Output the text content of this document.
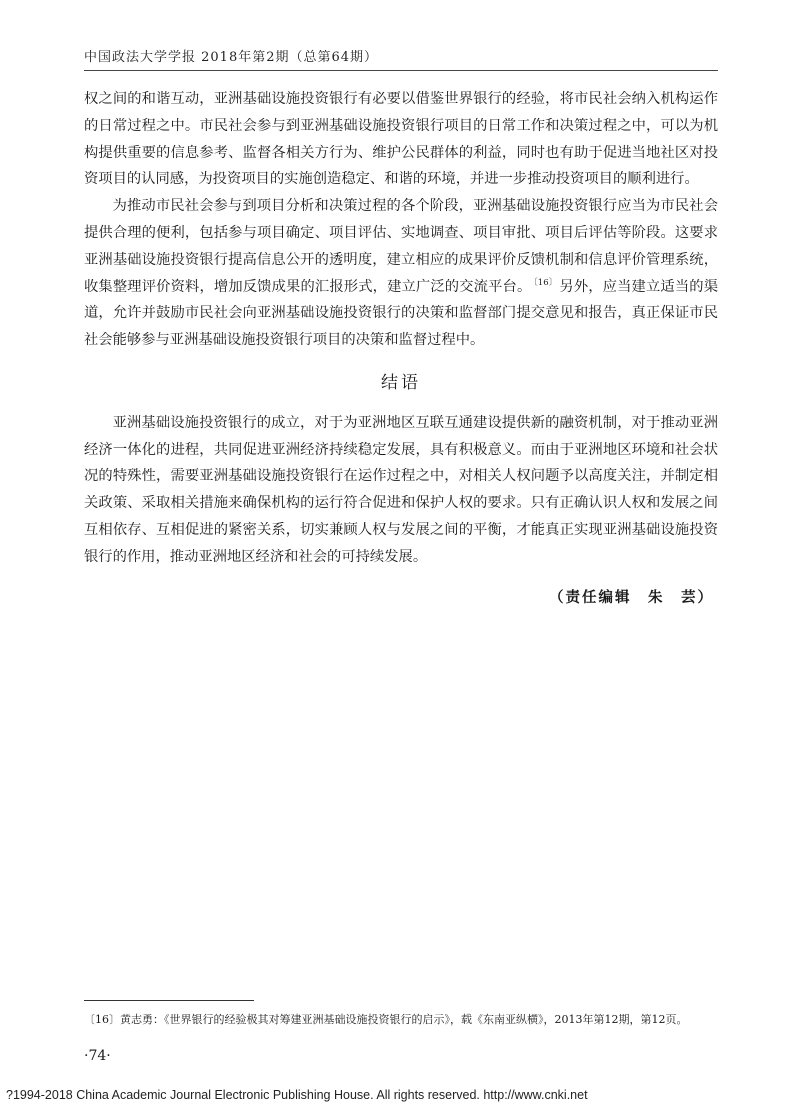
中国政法大学学报 2018年第2期（总第64期）

权之间的和谐互动，亚洲基础设施投资银行有必要以借鉴世界银行的经验，将市民社会纳入机构运作的日常过程之中。市民社会参与到亚洲基础设施投资银行项目的日常工作和决策过程之中，可以为机构提供重要的信息参考、监督各相关方行为、维护公民群体的利益，同时也有助于促进当地社区对投资项目的认同感，为投资项目的实施创造稳定、和谐的环境，并进一步推动投资项目的顺利进行。

为推动市民社会参与到项目分析和决策过程的各个阶段，亚洲基础设施投资银行应当为市民社会提供合理的便利，包括参与项目确定、项目评估、实地调查、项目审批、项目后评估等阶段。这要求亚洲基础设施投资银行提高信息公开的透明度，建立相应的成果评价反馈机制和信息评价管理系统，收集整理评价资料，增加反馈成果的汇报形式，建立广泛的交流平台。 $^{〔16〕}$ 另外，应当建立适当的渠道，允许并鼓励市民社会向亚洲基础设施投资银行的决策和监督部门提交意见和报告，真正保证市民社会能够参与亚洲基础设施投资银行项目的决策和监督过程中。

结语

亚洲基础设施投资银行的成立，对于为亚洲地区互联互通建设提供新的融资机制，对于推动亚洲经济一体化的进程，共同促进亚洲经济持续稳定发展，具有积极意义。而由于亚洲地区环境和社会状况的特殊性，需要亚洲基础设施投资银行在运作过程之中，对相关人权问题予以高度关注，并制定相关政策、采取相关措施来确保机构的运行符合促进和保护人权的要求。只有正确认识人权和发展之间互相依存、互相促进的紧密关系，切实兼顾人权与发展之间的平衡，才能真正实现亚洲基础设施投资银行的作用，推动亚洲地区经济和社会的可持续发展。

（责任编辑　朱　芸）
〔16〕黄志勇：《世界银行的经验极其对筹建亚洲基础设施投资银行的启示》，载《东南亚纵横》，2013年第12期，第12页。
·74·
?1994-2018 China Academic Journal Electronic Publishing House. All rights reserved. http://www.cnki.net
